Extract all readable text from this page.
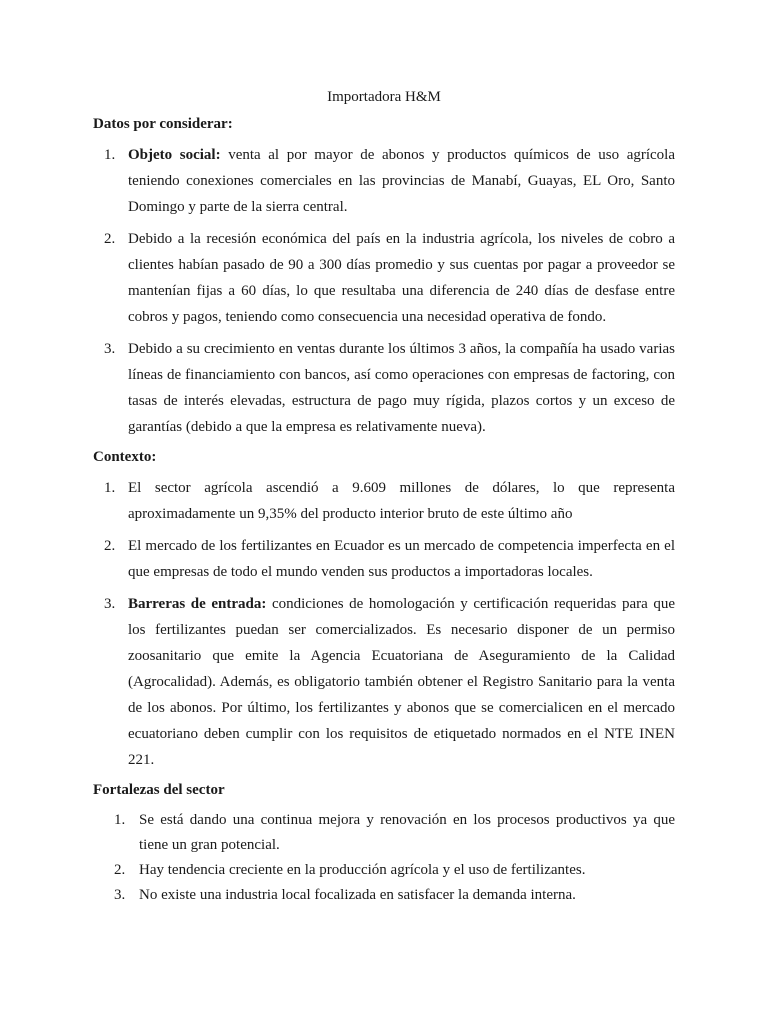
Importadora H&M
Datos por considerar:
1. Objeto social: venta al por mayor de abonos y productos químicos de uso agrícola teniendo conexiones comerciales en las provincias de Manabí, Guayas, EL Oro, Santo Domingo y parte de la sierra central.
2. Debido a la recesión económica del país en la industria agrícola, los niveles de cobro a clientes habían pasado de 90 a 300 días promedio y sus cuentas por pagar a proveedor se mantenían fijas a 60 días, lo que resultaba una diferencia de 240 días de desfase entre cobros y pagos, teniendo como consecuencia una necesidad operativa de fondo.
3. Debido a su crecimiento en ventas durante los últimos 3 años, la compañía ha usado varias líneas de financiamiento con bancos, así como operaciones con empresas de factoring, con tasas de interés elevadas, estructura de pago muy rígida, plazos cortos y un exceso de garantías (debido a que la empresa es relativamente nueva).
Contexto:
1. El sector agrícola ascendió a 9.609 millones de dólares, lo que representa aproximadamente un 9,35% del producto interior bruto de este último año
2. El mercado de los fertilizantes en Ecuador es un mercado de competencia imperfecta en el que empresas de todo el mundo venden sus productos a importadoras locales.
3. Barreras de entrada: condiciones de homologación y certificación requeridas para que los fertilizantes puedan ser comercializados. Es necesario disponer de un permiso zoosanitario que emite la Agencia Ecuatoriana de Aseguramiento de la Calidad (Agrocalidad). Además, es obligatorio también obtener el Registro Sanitario para la venta de los abonos. Por último, los fertilizantes y abonos que se comercialicen en el mercado ecuatoriano deben cumplir con los requisitos de etiquetado normados en el NTE INEN 221.
Fortalezas del sector
1. Se está dando una continua mejora y renovación en los procesos productivos ya que tiene un gran potencial.
2. Hay tendencia creciente en la producción agrícola y el uso de fertilizantes.
3. No existe una industria local focalizada en satisfacer la demanda interna.
